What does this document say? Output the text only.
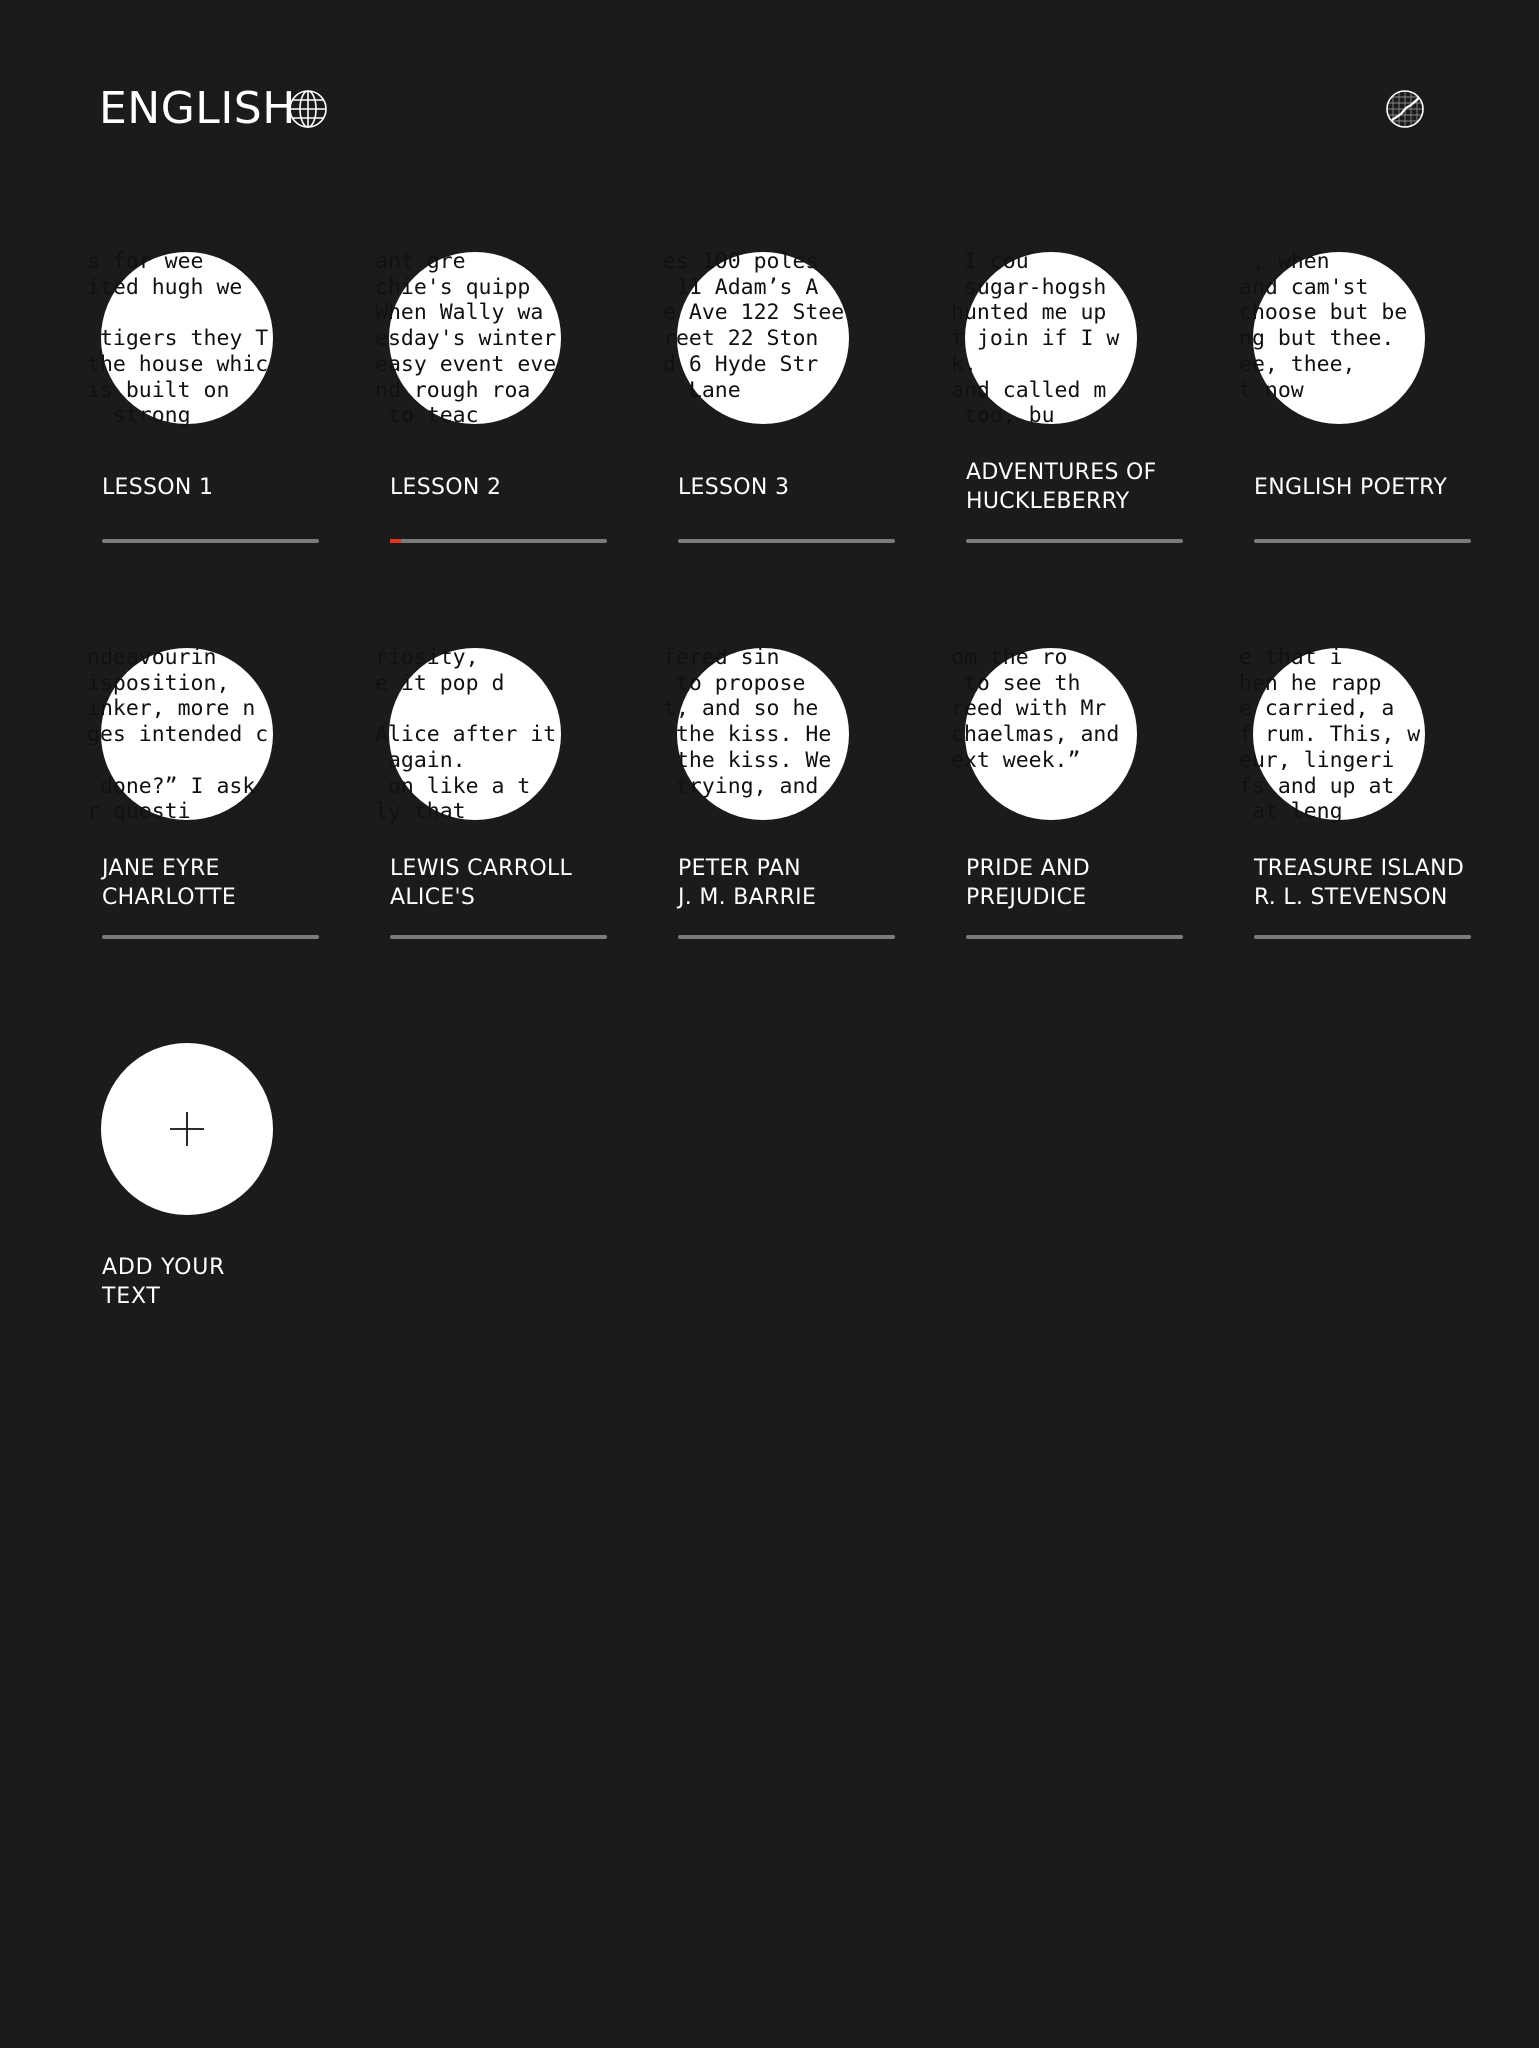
ENGLISH
s for wee
ited hugh we

tigers they T
the house whic
is built on
strong

LESSON 1

ant gre
chie's quipp
When Wally wa
esday's winter
easy event eve
nd rough roa
to teac

LESSON 2

es 100 poles
11 Adam’s A
e Ave 122 Stee
reet 22 Ston
d 6 Hyde Str
Lane

LESSON 3

I cou
sugar-hogsh
hunted me up
t join if I w
k.
and called m
too, bu

ADVENTURES OF
HUCKLEBERRY

, when
and cam'st
choose but be
ng but thee.
ee, thee,
t now

ENGLISH POETRY

ndeavourin
isposition,
inker, more n
ges intended c

done?” I ask
r questi

JANE EYRE
CHARLOTTE

riosity,
e it pop d

Alice after it
again.
on like a t
ly that

LEWIS CARROLL
ALICE'S

fered sin
to propose
t, and so he
the kiss. He
the kiss. We
trying, and

PETER PAN
J. M. BARRIE

om the ro
to see th
reed with Mr
chaelmas, and
ext week.”

PRIDE AND
PREJUDICE

e that i
hen he rapp
e carried, a
f rum. This, w
eur, lingeri
fs and up at
at leng

TREASURE ISLAND
R. L. STEVENSON

ADD YOUR
TEXT
